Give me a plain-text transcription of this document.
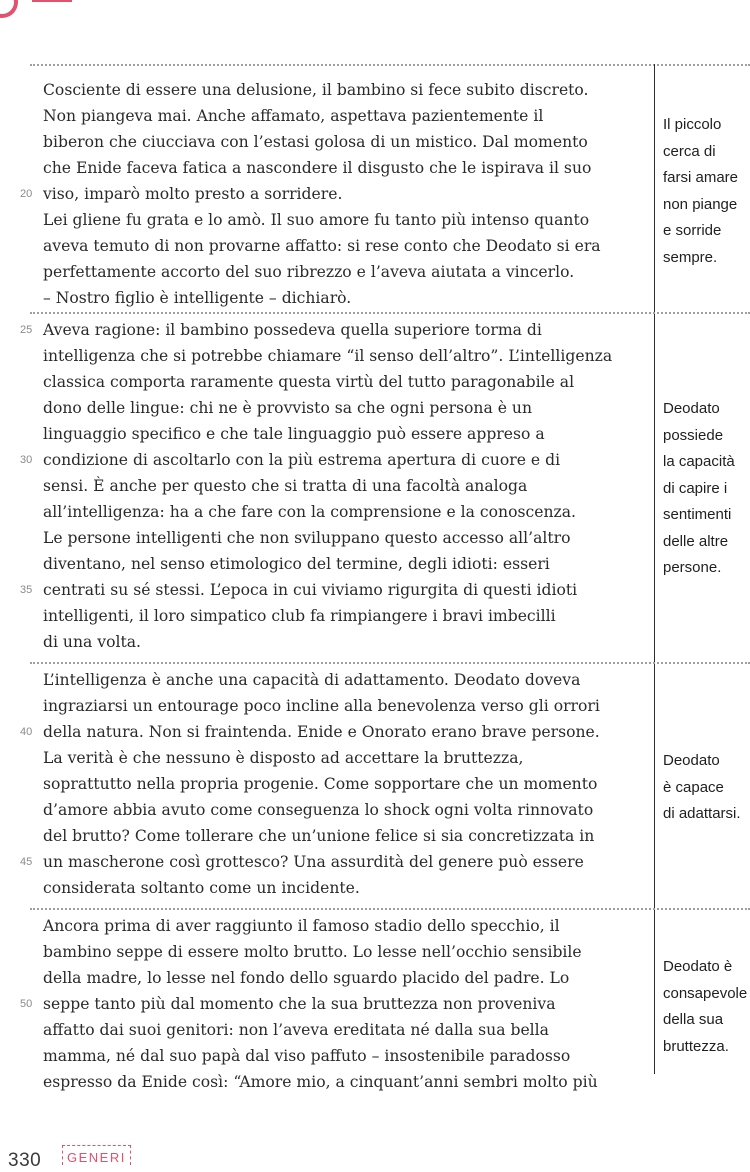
Cosciente di essere una delusione, il bambino si fece subito discreto.
Non piangeva mai. Anche affamato, aspettava pazientemente il
biberon che ciucciava con l’estasi golosa di un mistico. Dal momento
che Enide faceva fatica a nascondere il disgusto che le ispirava il suo
viso, imparò molto presto a sorridere.
Lei gliene fu grata e lo amò. Il suo amore fu tanto più intenso quanto
aveva temuto di non provarne affatto: si rese conto che Deodato si era
perfettamente accorto del suo ribrezzo e l’aveva aiutata a vincerlo.
– Nostro figlio è intelligente – dichiarò.
20
Il piccolo
cerca di
farsi amare
non piange
e sorride
sempre.
Aveva ragione: il bambino possedeva quella superiore torma di
intelligenza che si potrebbe chiamare “il senso dell’altro”. L’intelligenza
classica comporta raramente questa virtù del tutto paragonabile al
dono delle lingue: chi ne è provvisto sa che ogni persona è un
linguaggio specifico e che tale linguaggio può essere appreso a
condizione di ascoltarlo con la più estrema apertura di cuore e di
sensi. È anche per questo che si tratta di una facoltà analoga
all’intelligenza: ha a che fare con la comprensione e la conoscenza.
Le persone intelligenti che non sviluppano questo accesso all’altro
diventano, nel senso etimologico del termine, degli idioti: esseri
centrati su sé stessi. L’epoca in cui viviamo rigurgita di questi idioti
intelligenti, il loro simpatico club fa rimpiangere i bravi imbecilli
di una volta.
25
30
35
Deodato
possiede
la capacità
di capire i
sentimenti
delle altre
persone.
L’intelligenza è anche una capacità di adattamento. Deodato doveva
ingraziarsi un entourage poco incline alla benevolenza verso gli orrori
della natura. Non si fraintenda. Enide e Onorato erano brave persone.
La verità è che nessuno è disposto ad accettare la bruttezza,
soprattutto nella propria progenie. Come sopportare che un momento
d’amore abbia avuto come conseguenza lo shock ogni volta rinnovato
del brutto? Come tollerare che un’unione felice si sia concretizzata in
un mascherone così grottesco? Una assurdità del genere può essere
considerata soltanto come un incidente.
40
45
Deodato
è capace
di adattarsi.
Ancora prima di aver raggiunto il famoso stadio dello specchio, il
bambino seppe di essere molto brutto. Lo lesse nell’occhio sensibile
della madre, lo lesse nel fondo dello sguardo placido del padre. Lo
seppe tanto più dal momento che la sua bruttezza non proveniva
affatto dai suoi genitori: non l’aveva ereditata né dalla sua bella
mamma, né dal suo papà dal viso paffuto – insostenibile paradosso
espresso da Enide così: “Amore mio, a cinquant’anni sembri molto più
50
Deodato è
consapevole
della sua
bruttezza.
330	GENERI
